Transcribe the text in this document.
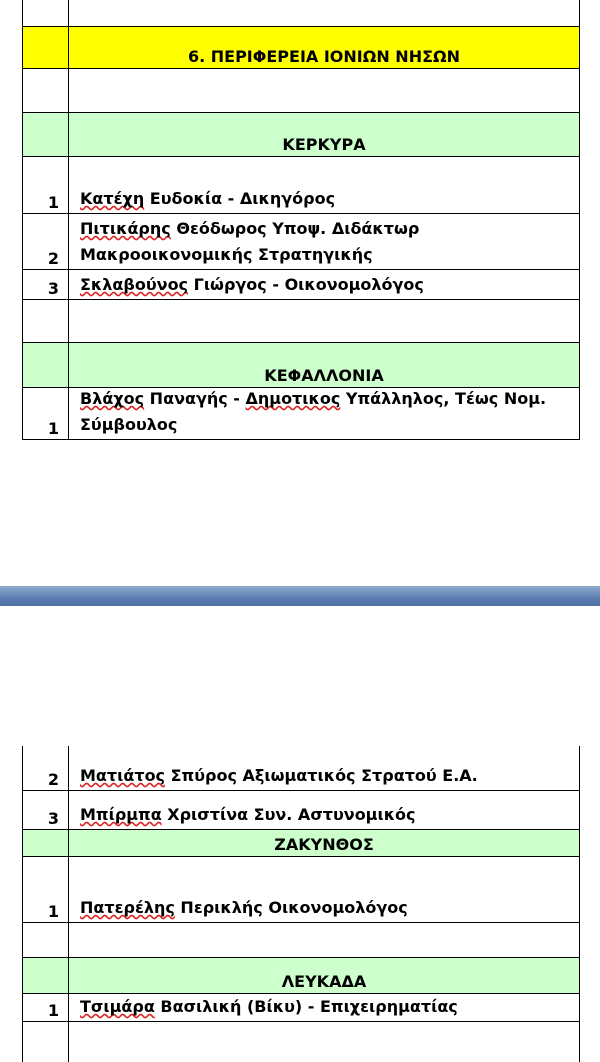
6. ΠΕΡΙΦΕΡΕΙΑ ΙΟΝΙΩΝ ΝΗΣΩΝ
ΚΕΡΚΥΡΑ
1 Κατέχη Ευδοκία - Δικηγόρος
2
Πιτικάρης Θεόδωρος Υποψ. Διδάκτωρ
Μακροοικονομικής Στρατηγικής
3 Σκλαβούνος Γιώργος - Οικονομολόγος
ΚΕΦΑΛΛΟΝΙΑ
1
Βλάχος Παναγής - Δημοτικος Υπάλληλος, Τέως Νομ.
Σύμβουλος
2 Ματιάτος Σπύρος Αξιωματικός Στρατού Ε.Α.
3 Μπίρμπα Χριστίνα Συν. Αστυνομικός
ΖΑΚΥΝΘΟΣ
1 Πατερέλης Περικλής Οικονομολόγος
ΛΕΥΚΑΔΑ
1 Τσιμάρα Βασιλική (Βίκυ) - Επιχειρηματίας
